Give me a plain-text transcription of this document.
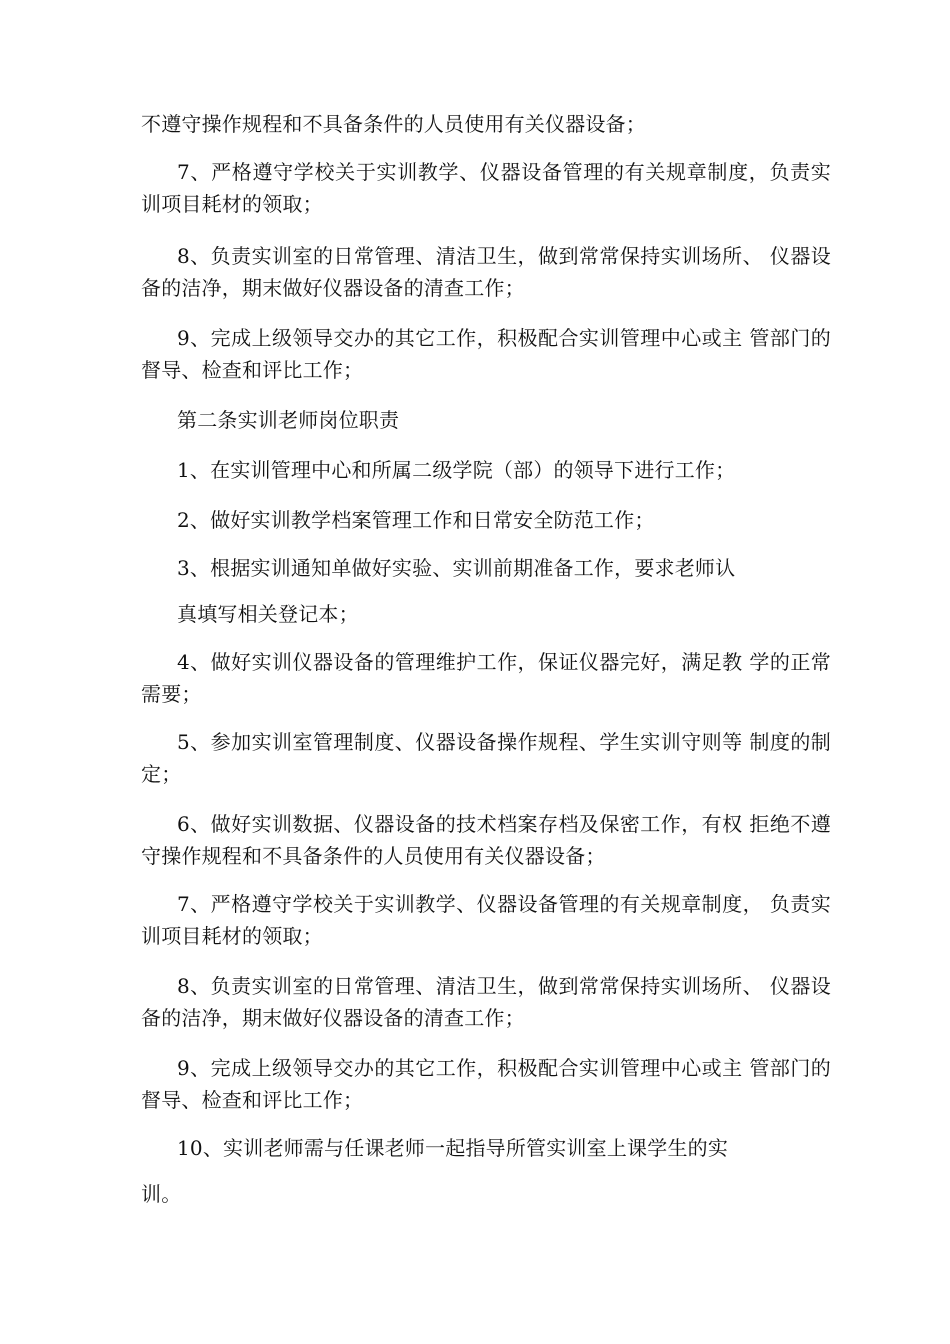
不遵守操作规程和不具备条件的人员使用有关仪器设备；

7、严格遵守学校关于实训教学、仪器设备管理的有关规章制度，负责实训项目耗材的领取；

8、负责实训室的日常管理、清洁卫生，做到常常保持实训场所、 仪器设备的洁净，期末做好仪器设备的清查工作；

9、完成上级领导交办的其它工作，积极配合实训管理中心或主 管部门的督导、检查和评比工作；

第二条实训老师岗位职责

1、在实训管理中心和所属二级学院（部）的领导下进行工作；

2、做好实训教学档案管理工作和日常安全防范工作；

3、根据实训通知单做好实验、实训前期准备工作，要求老师认

真填写相关登记本；

4、做好实训仪器设备的管理维护工作，保证仪器完好，满足教 学的正常需要；

5、参加实训室管理制度、仪器设备操作规程、学生实训守则等 制度的制定；

6、做好实训数据、仪器设备的技术档案存档及保密工作，有权 拒绝不遵守操作规程和不具备条件的人员使用有关仪器设备；

7、严格遵守学校关于实训教学、仪器设备管理的有关规章制度， 负责实训项目耗材的领取；

8、负责实训室的日常管理、清洁卫生，做到常常保持实训场所、 仪器设备的洁净，期末做好仪器设备的清查工作；

9、完成上级领导交办的其它工作，积极配合实训管理中心或主 管部门的督导、检查和评比工作；

10、实训老师需与任课老师一起指导所管实训室上课学生的实

训。
